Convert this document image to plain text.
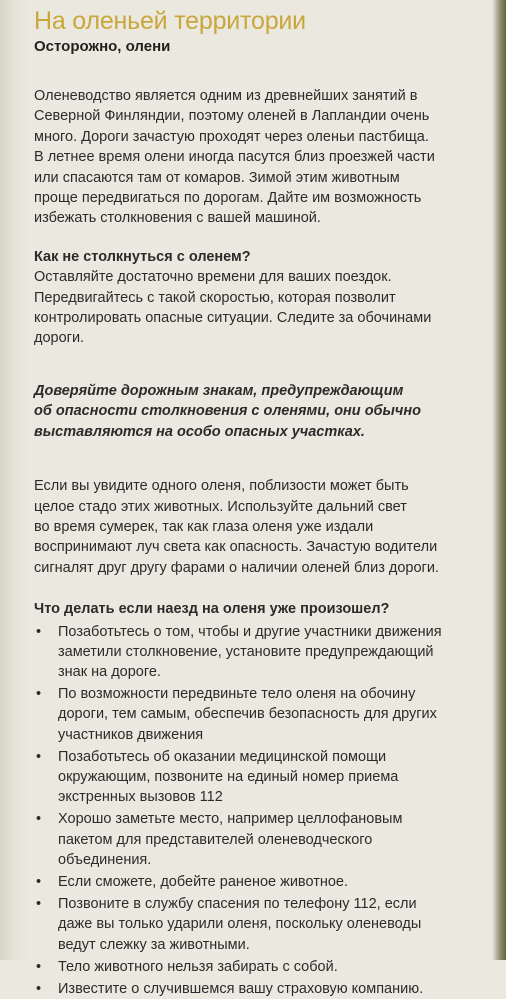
На оленьей территории
Осторожно, олени

Оленеводство является одним из древнейших занятий в

Северной Финляндии, поэтому оленей в Лапландии очень

много. Дороги зачастую проходят через оленьи пастбища.

В летнее время олени иногда пасутся близ проезжей части

или спасаются там от комаров. Зимой этим животным

проще передвигаться по дорогам. Дайте им возможность

избежать столкновения с вашей машиной.

Как не столкнуться с оленем?

Оставляйте достаточно времени для ваших поездок.

Передвигайтесь с такой скоростью, которая позволит

контролировать опасные ситуации. Следите за обочинами

дороги.

Доверяйте дорожным знакам, предупреждающим
об опасности столкновения с оленями, они обычно
выставляются на особо опасных участках.

Если вы увидите одного оленя, поблизости может быть

целое стадо этих животных. Используйте дальний свет

во время сумерек, так как глаза оленя уже издали

воспринимают луч света как опасность. Зачастую водители

сигналят друг другу фарами о наличии оленей близ дороги.

Что делать если наезд на оленя уже произошел?

• Позаботьтесь о том, чтобы и другие участники движения
заметили столкновение, установите предупреждающий
знак на дороге.
• По возможности передвиньте тело оленя на обочину
дороги, тем самым, обеспечив безопасность для других
участников движения
• Позаботьтесь об оказании медицинской помощи
окружающим, позвоните на единый номер приема
экстренных вызовов 112
• Хорошо заметьте место, например целлофановым
пакетом для представителей оленеводческого
объединения.
• Если сможете, добейте раненое животное.
• Позвоните в службу спасения по телефону 112, если
даже вы только ударили оленя, поскольку оленеводы
ведут слежку за животными.
• Тело животного нельзя забирать с собой.
• Известите о случившемся вашу страховую компанию.
